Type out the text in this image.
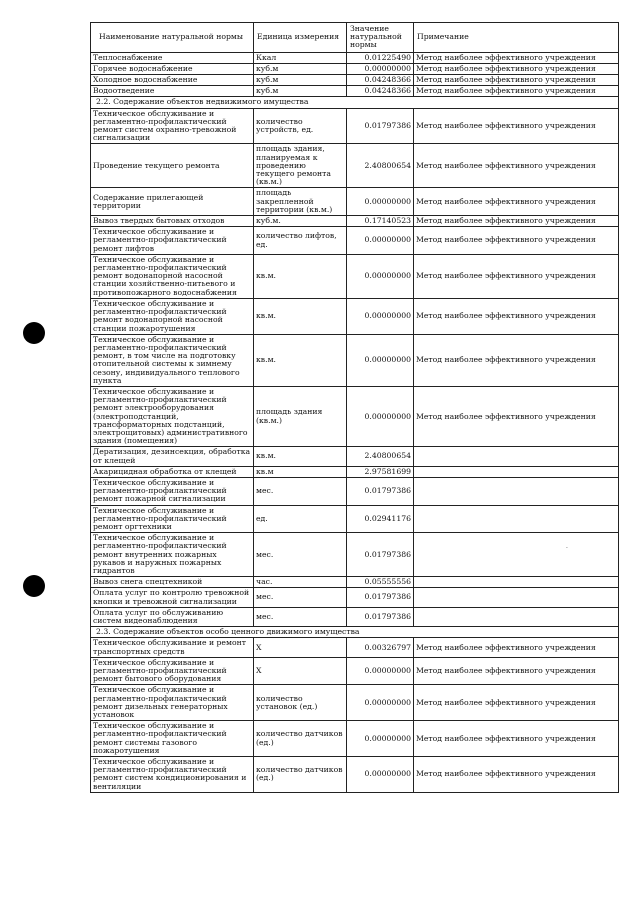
Наименование натуральной нормы	Единица измерения	Значение натуральной нормы	Примечание
Теплоснабжение	Ккал	0.01225490	Метод наиболее эффективного учреждения
Горячее водоснабжение	куб.м	0.00000000	Метод наиболее эффективного учреждения
Холодное водоснабжение	куб.м	0.04248366	Метод наиболее эффективного учреждения
Водоотведение	куб.м	0.04248366	Метод наиболее эффективного учреждения
2.2. Содержание объектов недвижимого имущества			
Техническое обслуживание и регламентно-профилактический ремонт систем охранно-тревожной сигнализации	количество устройств, ед.	0.01797386	Метод наиболее эффективного учреждения
Проведение текущего ремонта	площадь здания, планируемая к проведению текущего ремонта (кв.м.)	2.40800654	Метод наиболее эффективного учреждения
Содержание прилегающей территории	площадь закрепленной территории (кв.м.)	0.00000000	Метод наиболее эффективного учреждения
Вывоз твердых бытовых отходов	куб.м.	0.17140523	Метод наиболее эффективного учреждения
Техническое обслуживание и регламентно-профилактический ремонт лифтов	количество лифтов, ед.	0.00000000	Метод наиболее эффективного учреждения
Техническое обслуживание и регламентно-профилактический ремонт водонапорной насосной станции хозяйственно-питьевого и противопожарного водоснабжения	кв.м.	0.00000000	Метод наиболее эффективного учреждения
Техническое обслуживание и регламентно-профилактический ремонт водонапорной насосной станции пожаротушения	кв.м.	0.00000000	Метод наиболее эффективного учреждения
Техническое обслуживание и регламентно-профилактический ремонт, в том числе на подготовку отопительной системы к зимнему сезону, индивидуального теплового пункта	кв.м.	0.00000000	Метод наиболее эффективного учреждения
Техническое обслуживание и регламентно-профилактический ремонт электрооборудования (электроподстанций, трансформаторных подстанций, электрощитовых) административного здания (помещения)	площадь здания (кв.м.)	0.00000000	Метод наиболее эффективного учреждения
Дератизация, дезинсекция, обработка от клещей	кв.м.	2.40800654	
Акарицидная обработка от клещей	кв.м	2.97581699	
Техническое обслуживание и регламентно-профилактический ремонт пожарной сигнализации	мес.	0.01797386	
Техническое обслуживание и регламентно-профилактический ремонт оргтехники	ед.	0.02941176	
Техническое обслуживание и регламентно-профилактический ремонт внутренних пожарных рукавов и наружных пожарных гидрантов	мес.	0.01797386	
Вывоз снега спецтехникой	час.	0.05555556	
Оплата услуг по контролю тревожной кнопки и тревожной сигнализации	мес.	0.01797386	
Оплата услуг по обслуживанию систем видеонаблюдения	мес.	0.01797386	
2.3. Содержание объектов особо ценного движимого имущества			
Техническое обслуживание и ремонт транспортных средств	Х	0.00326797	Метод наиболее эффективного учреждения
Техническое обслуживание и регламентно-профилактический ремонт бытового оборудования	Х	0.00000000	Метод наиболее эффективного учреждения
Техническое обслуживание и регламентно-профилактический ремонт дизельных генераторных установок	количество установок (ед.)	0.00000000	Метод наиболее эффективного учреждения
Техническое обслуживание и регламентно-профилактический ремонт системы газового пожаротушения	количество датчиков (ед.)	0.00000000	Метод наиболее эффективного учреждения
Техническое обслуживание и регламентно-профилактический ремонт систем кондиционирования и вентиляции	количество датчиков (ед.)	0.00000000	Метод наиболее эффективного учреждения
·
